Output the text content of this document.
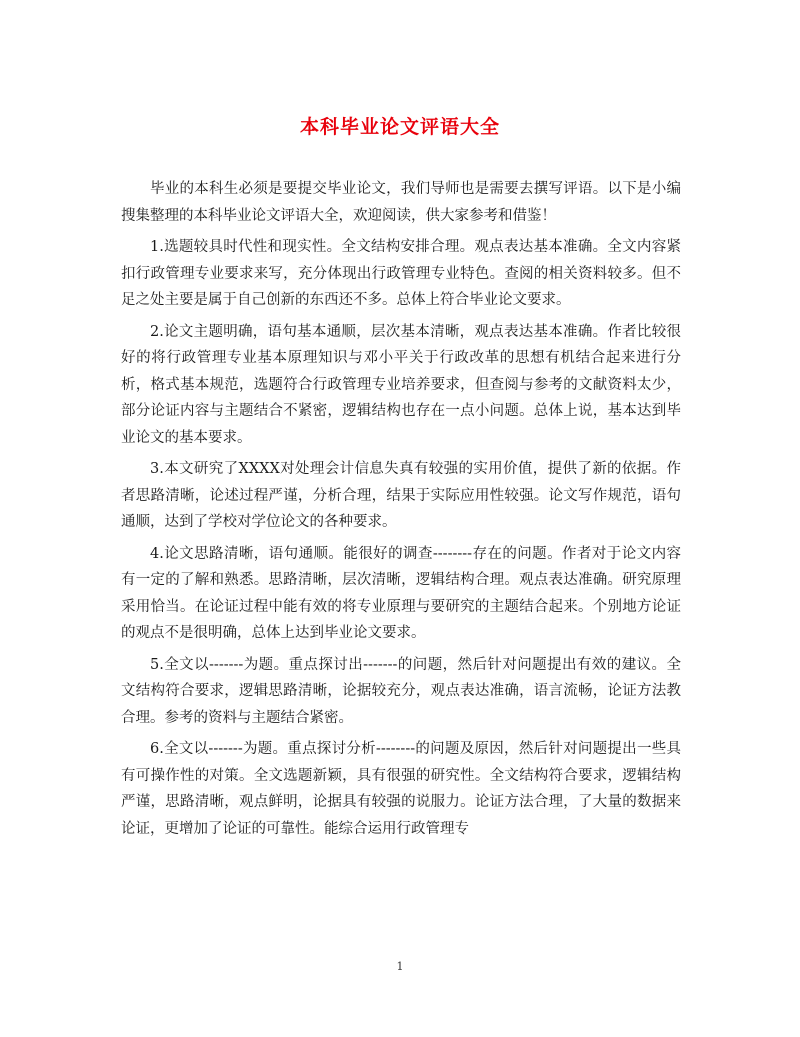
本科毕业论文评语大全

毕业的本科生必须是要提交毕业论文，我们导师也是需要去撰写评语。以下是小编搜集整理的本科毕业论文评语大全，欢迎阅读，供大家参考和借鉴！

1.选题较具时代性和现实性。全文结构安排合理。观点表达基本准确。全文内容紧扣行政管理专业要求来写，充分体现出行政管理专业特色。查阅的相关资料较多。但不足之处主要是属于自己创新的东西还不多。总体上符合毕业论文要求。

2.论文主题明确，语句基本通顺，层次基本清晰，观点表达基本准确。作者比较很好的将行政管理专业基本原理知识与邓小平关于行政改革的思想有机结合起来进行分析，格式基本规范，选题符合行政管理专业培养要求，但查阅与参考的文献资料太少，部分论证内容与主题结合不紧密，逻辑结构也存在一点小问题。总体上说，基本达到毕业论文的基本要求。

3.本文研究了XXXX对处理会计信息失真有较强的实用价值，提供了新的依据。作者思路清晰，论述过程严谨，分析合理，结果于实际应用性较强。论文写作规范，语句通顺，达到了学校对学位论文的各种要求。

4.论文思路清晰，语句通顺。能很好的调查--------存在的问题。作者对于论文内容有一定的了解和熟悉。思路清晰，层次清晰，逻辑结构合理。观点表达准确。研究原理采用恰当。在论证过程中能有效的将专业原理与要研究的主题结合起来。个别地方论证的观点不是很明确，总体上达到毕业论文要求。

5.全文以-------为题。重点探讨出-------的问题，然后针对问题提出有效的建议。全文结构符合要求，逻辑思路清晰，论据较充分，观点表达准确，语言流畅，论证方法教合理。参考的资料与主题结合紧密。

6.全文以-------为题。重点探讨分析--------的问题及原因，然后针对问题提出一些具有可操作性的对策。全文选题新颖，具有很强的研究性。全文结构符合要求，逻辑结构严谨，思路清晰，观点鲜明，论据具有较强的说服力。论证方法合理，了大量的数据来论证，更增加了论证的可靠性。能综合运用行政管理专

1
